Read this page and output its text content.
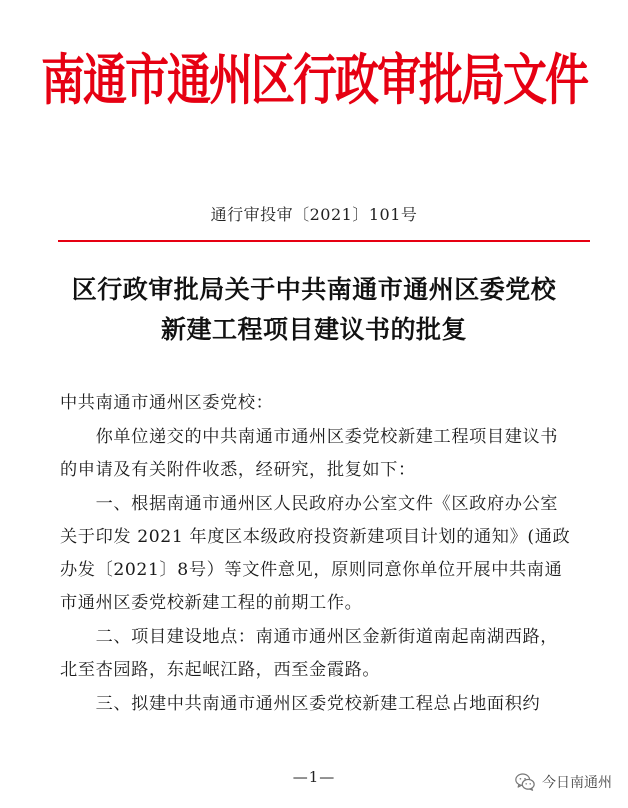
南通市通州区行政审批局文件
通行审投审〔2021〕101号
区行政审批局关于中共南通市通州区委党校
新建工程项目建议书的批复
中共南通市通州区委党校：
　　你单位递交的中共南通市通州区委党校新建工程项目建议书
的申请及有关附件收悉，经研究，批复如下：
　　一、根据南通市通州区人民政府办公室文件《区政府办公室
关于印发 2021 年度区本级政府投资新建项目计划的通知》(通政
办发〔2021〕8号）等文件意见，原则同意你单位开展中共南通
市通州区委党校新建工程的前期工作。
　　二、项目建设地点：南通市通州区金新街道南起南湖西路，
北至杏园路，东起岷江路，西至金霞路。
　　三、拟建中共南通市通州区委党校新建工程总占地面积约
—1—	今日南通州
